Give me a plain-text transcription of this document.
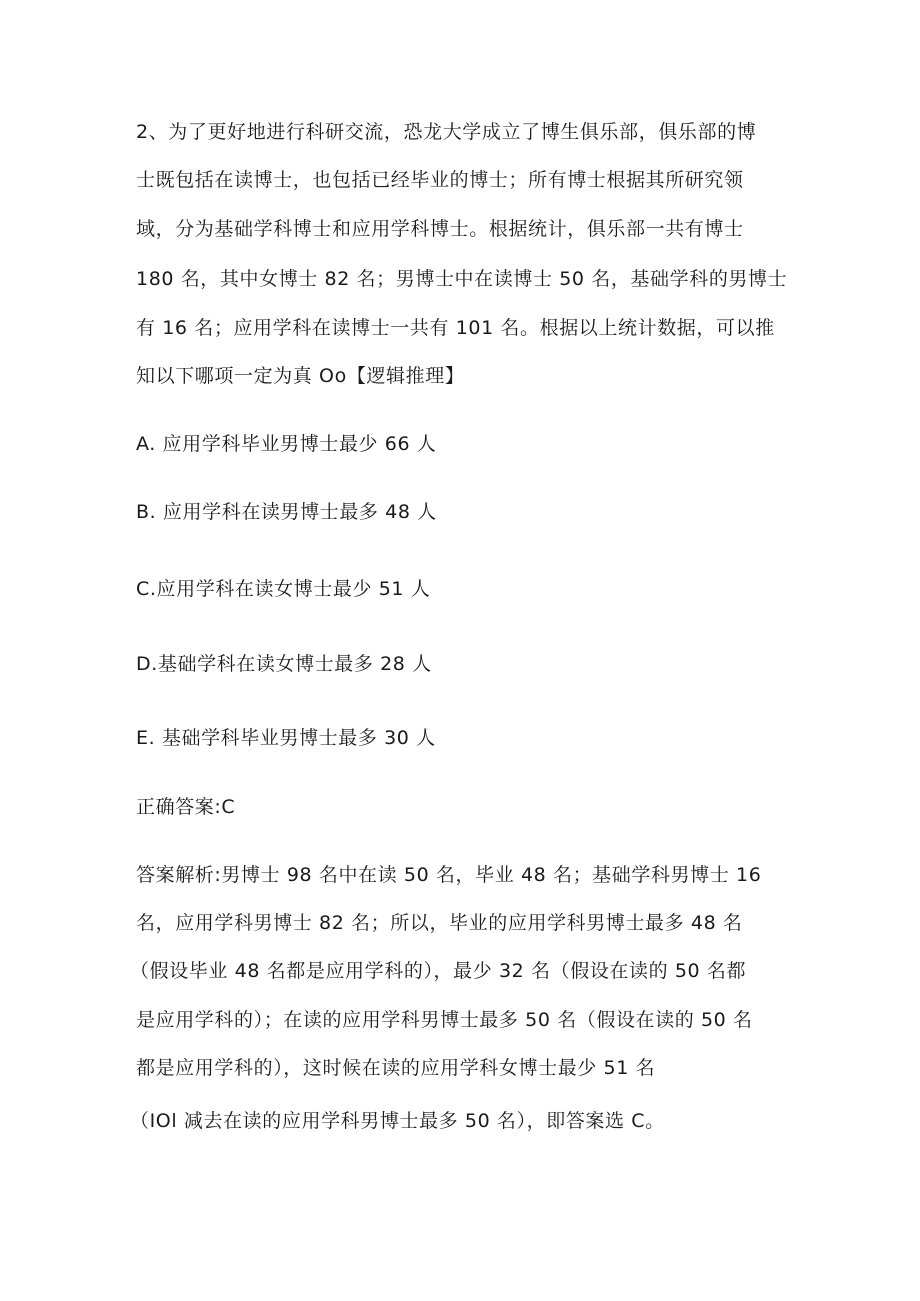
2、为了更好地进行科研交流，恐龙大学成立了博生俱乐部，俱乐部的博
士既包括在读博士，也包括已经毕业的博士；所有博士根据其所研究领
域，分为基础学科博士和应用学科博士。根据统计，俱乐部一共有博士
180 名，其中女博士 82 名；男博士中在读博士 50 名，基础学科的男博士
有 16 名；应用学科在读博士一共有 101 名。根据以上统计数据，可以推
知以下哪项一定为真 Oo【逻辑推理】
A. 应用学科毕业男博士最少 66 人
B. 应用学科在读男博士最多 48 人
C.应用学科在读女博士最少 51 人
D.基础学科在读女博士最多 28 人
E. 基础学科毕业男博士最多 30 人
正确答案:C
答案解析:男博士 98 名中在读 50 名，毕业 48 名；基础学科男博士 16
名，应用学科男博士 82 名；所以，毕业的应用学科男博士最多 48 名
（假设毕业 48 名都是应用学科的），最少 32 名（假设在读的 50 名都
是应用学科的）；在读的应用学科男博士最多 50 名（假设在读的 50 名
都是应用学科的），这时候在读的应用学科女博士最少 51 名
（IOl 减去在读的应用学科男博士最多 50 名），即答案选 C。
